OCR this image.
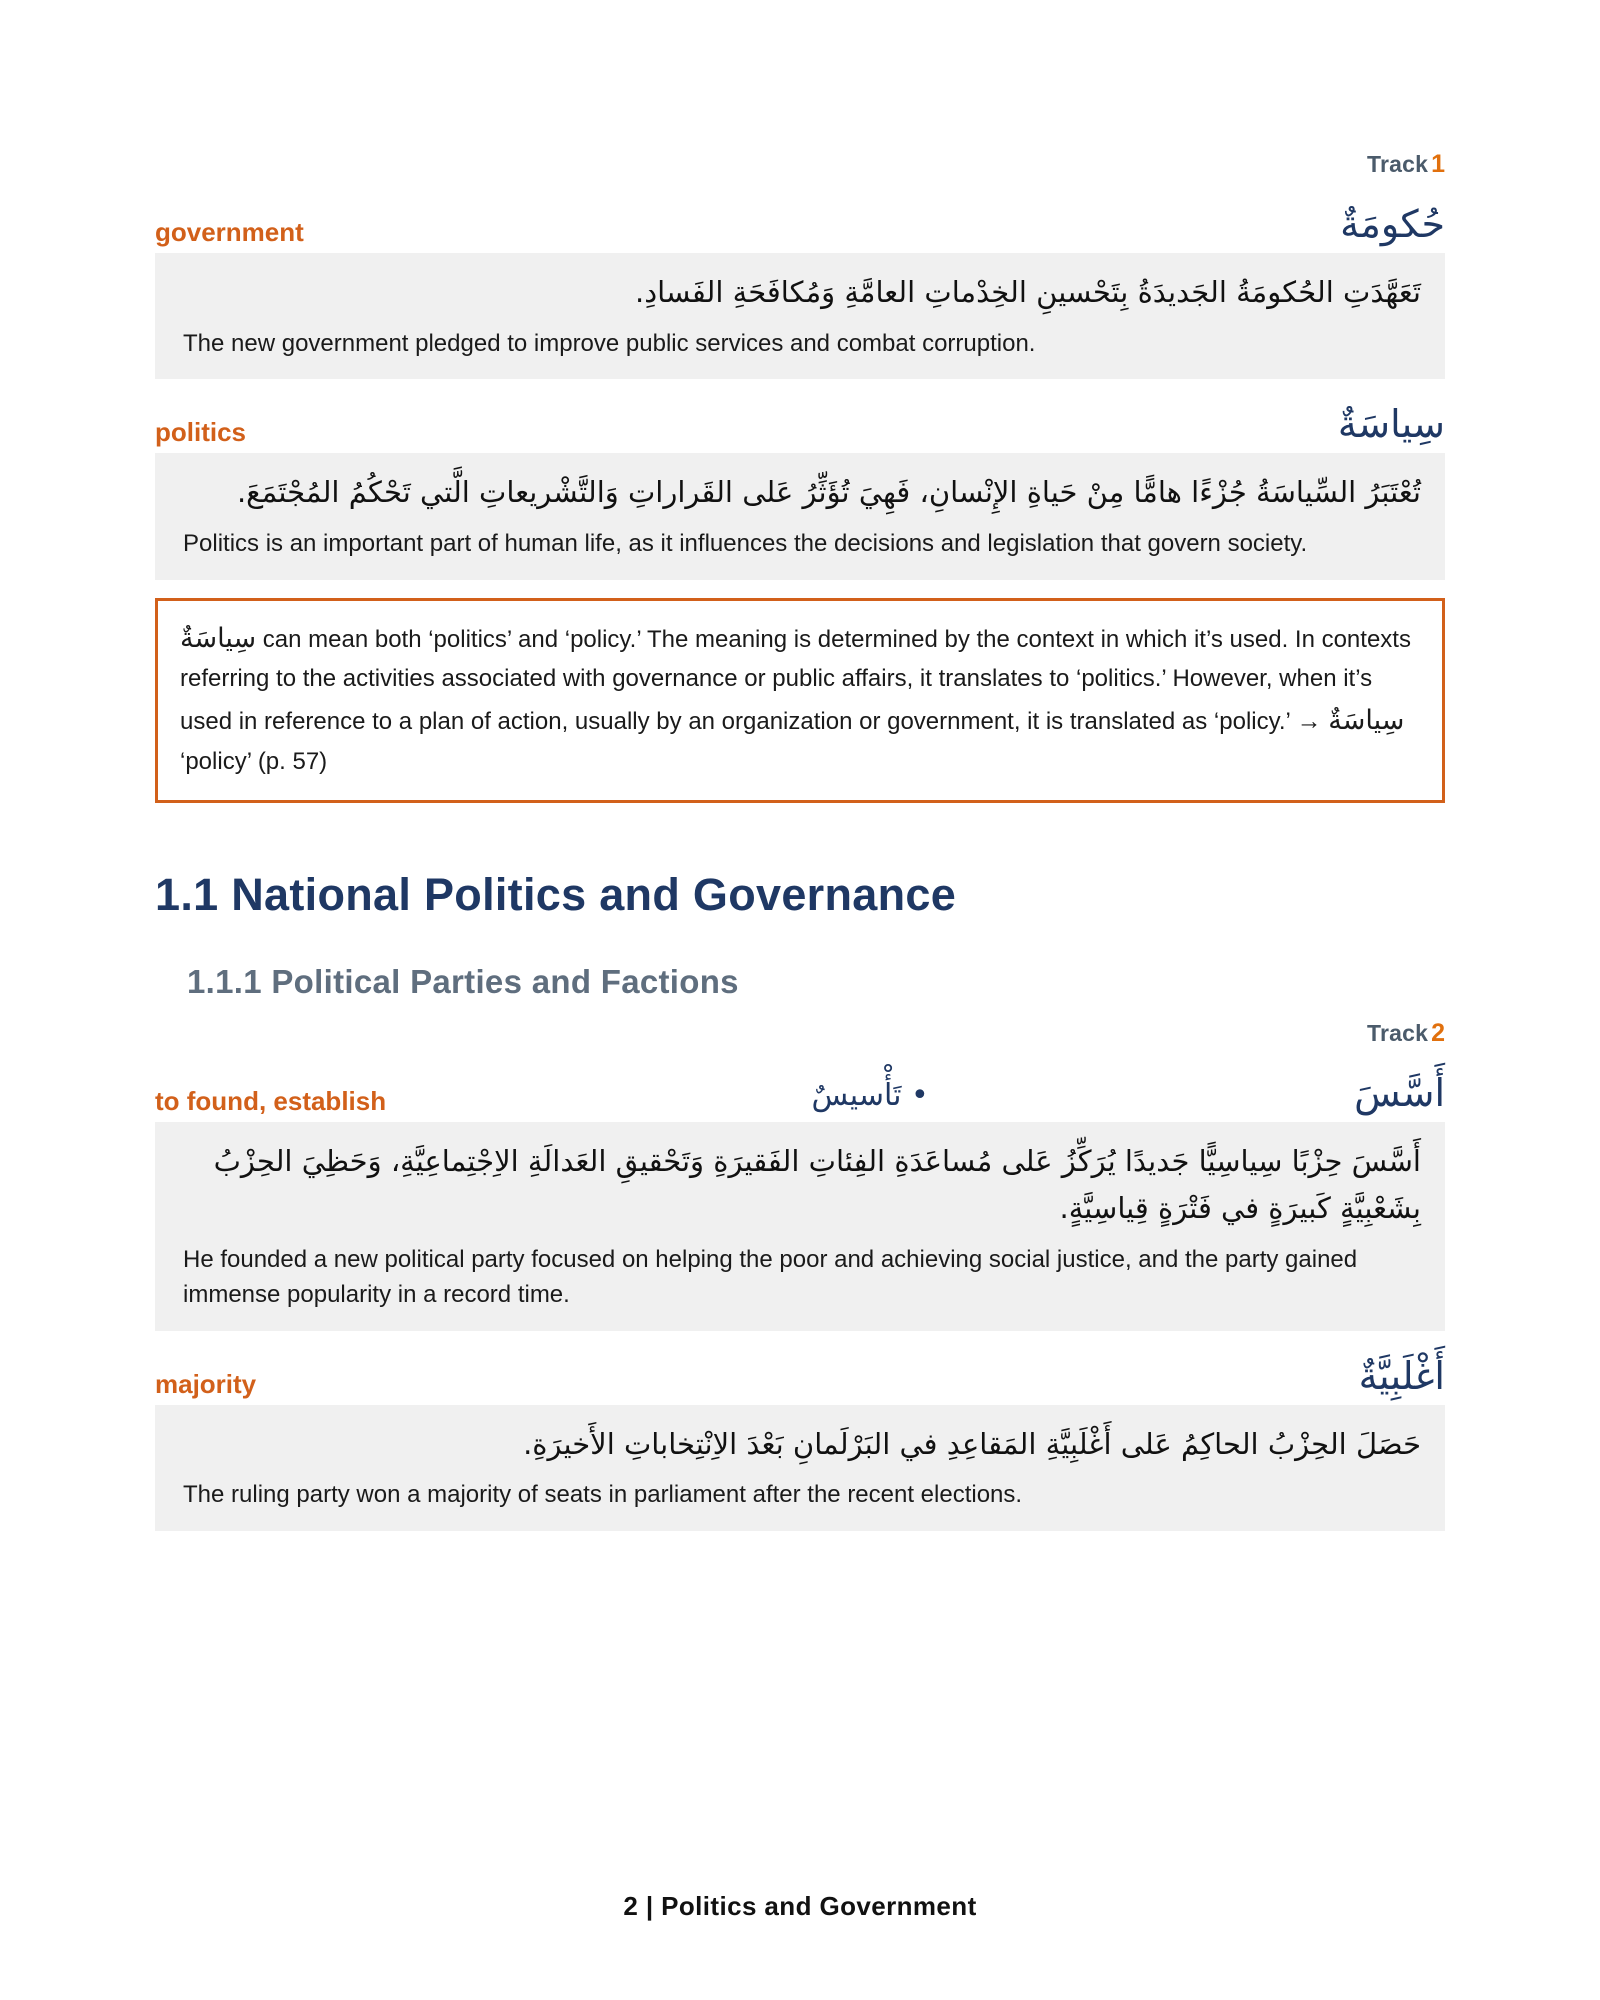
Track 1
government	حُكومَةٌ
تَعَهَّدَتِ الحُكومَةُ الجَديدَةُ بِتَحْسينِ الخِدْماتِ العامَّةِ وَمُكافَحَةِ الفَسادِ.
The new government pledged to improve public services and combat corruption.
politics	سِياسَةٌ
تُعْتَبَرُ السِّياسَةُ جُزْءًا هامًّا مِنْ حَياةِ الإِنْسانِ، فَهِيَ تُؤَثِّرُ عَلى القَراراتِ وَالتَّشْريعاتِ الَّتي تَحْكُمُ المُجْتَمَعَ.
Politics is an important part of human life, as it influences the decisions and legislation that govern society.
سِياسَةٌ can mean both ‘politics’ and ‘policy.’ The meaning is determined by the context in which it’s used. In contexts referring to the activities associated with governance or public affairs, it translates to ‘politics.’ However, when it’s used in reference to a plan of action, usually by an organization or government, it is translated as ‘policy.’ → سِياسَةٌ ‘policy’ (p. 57)
1.1 National Politics and Governance
1.1.1 Political Parties and Factions
Track 2
to found, establish	• تَأْسيسٌ	أَسَّسَ
أَسَّسَ حِزْبًا سِياسِيًّا جَديدًا يُرَكِّزُ عَلى مُساعَدَةِ الفِئاتِ الفَقيرَةِ وَتَحْقيقِ العَدالَةِ الاِجْتِماعِيَّةِ، وَحَظِيَ الحِزْبُ بِشَعْبِيَّةٍ كَبيرَةٍ في فَتْرَةٍ قِياسِيَّةٍ.
He founded a new political party focused on helping the poor and achieving social justice, and the party gained immense popularity in a record time.
majority	أَغْلَبِيَّةٌ
حَصَلَ الحِزْبُ الحاكِمُ عَلى أَغْلَبِيَّةِ المَقاعِدِ في البَرْلَمانِ بَعْدَ الاِنْتِخاباتِ الأَخيرَةِ.
The ruling party won a majority of seats in parliament after the recent elections.
2 | Politics and Government
